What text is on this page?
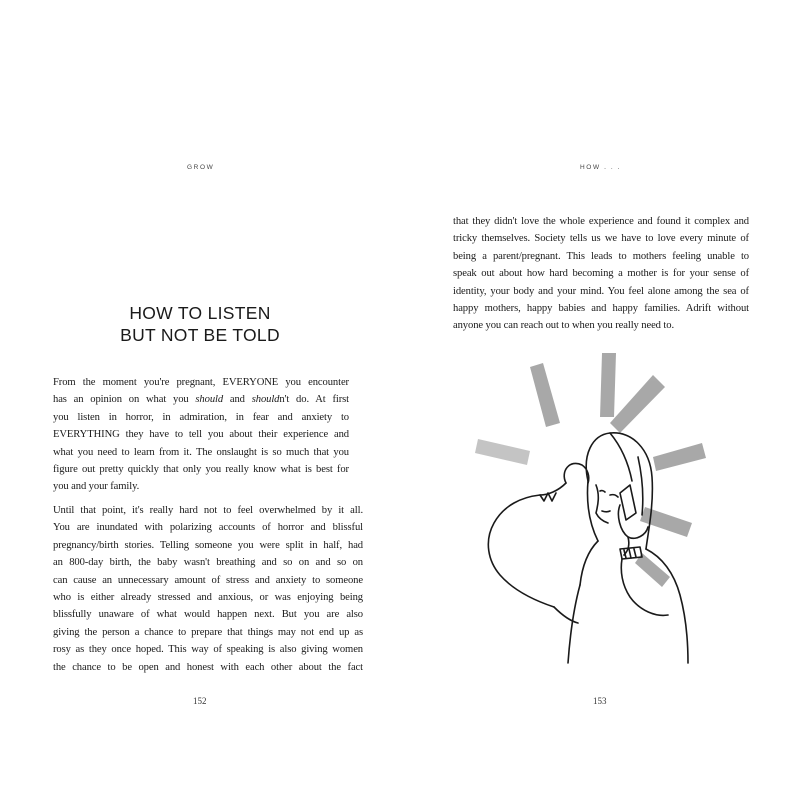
GROW	HOW . . .
HOW TO LISTEN
BUT NOT BE TOLD

From the moment you're pregnant, EVERYONE you encounter
has an opinion on what you should and shouldn't do. At first
you listen in horror, in admiration, in fear and anxiety to
EVERYTHING they have to tell you about their experience and
what you need to learn from it. The onslaught is so much that you
figure out pretty quickly that only you really know what is best for
you and your family.

Until that point, it's really hard not to feel overwhelmed by it all.
You are inundated with polarizing accounts of horror and blissful
pregnancy/birth stories. Telling someone you were split in half, had
an 800-day birth, the baby wasn't breathing and so on and so on
can cause an unnecessary amount of stress and anxiety to someone
who is either already stressed and anxious, or was enjoying being
blissfully unaware of what would happen next. But you are also
giving the person a chance to prepare that things may not end up as
rosy as they once hoped. This way of speaking is also giving women
the chance to be open and honest with each other about the fact

that they didn't love the whole experience and found it complex and
tricky themselves. Society tells us we have to love every minute of
being a parent/pregnant. This leads to mothers feeling unable to
speak out about how hard becoming a mother is for your sense of
identity, your body and your mind. You feel alone among the sea of
happy mothers, happy babies and happy families. Adrift without
anyone you can reach out to when you really need to.

152	153
